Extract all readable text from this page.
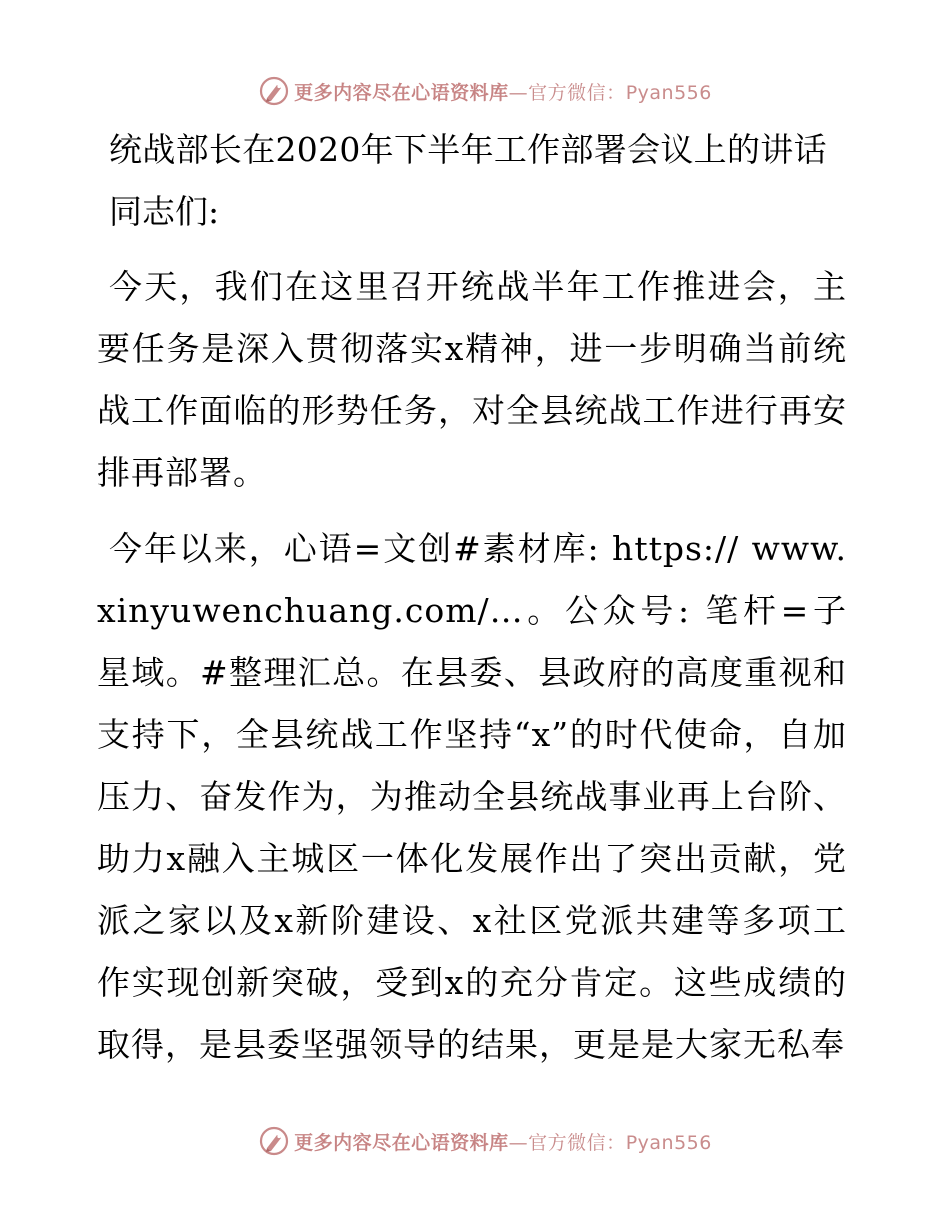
更多内容尽在心语资料库—官方微信：Pyan556
统战部长在2020年下半年工作部署会议上的讲话
同志们:

今天，我们在这里召开统战半年工作推进会，主要任务是深入贯彻落实x精神，进一步明确当前统战工作面临的形势任务，对全县统战工作进行再安排再部署。

今年以来，心语=文创#素材库: https:// www.xinyuwenchuang.com/…。公众号: 笔杆=子星域。#整理汇总。在县委、县政府的高度重视和支持下，全县统战工作坚持“x”的时代使命，自加压力、奋发作为，为推动全县统战事业再上台阶、助力x融入主城区一体化发展作出了突出贡献，党派之家以及x新阶建设、x社区党派共建等多项工作实现创新突破，受到x的充分肯定。这些成绩的取得，是县委坚强领导的结果，更是是大家无私奉

更多内容尽在心语资料库—官方微信：Pyan556
